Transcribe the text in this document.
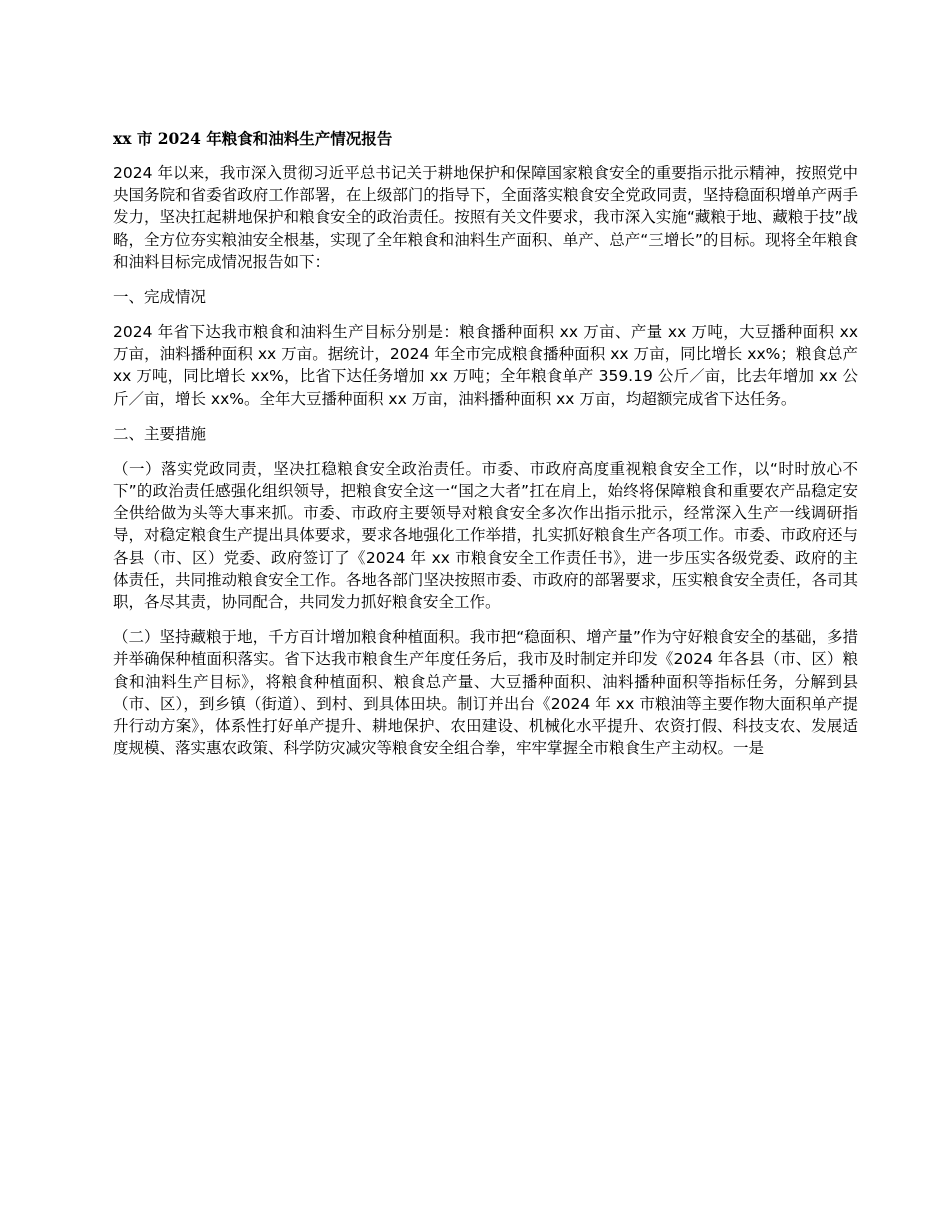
xx 市 2024 年粮食和油料生产情况报告

2024 年以来，我市深入贯彻习近平总书记关于耕地保护和保障国家粮食安全的重要指示批示精神，按照党中央国务院和省委省政府工作部署，在上级部门的指导下，全面落实粮食安全党政同责，坚持稳面积增单产两手发力，坚决扛起耕地保护和粮食安全的政治责任。按照有关文件要求，我市深入实施“藏粮于地、藏粮于技”战略，全方位夯实粮油安全根基，实现了全年粮食和油料生产面积、单产、总产“三增长”的目标。现将全年粮食和油料目标完成情况报告如下：

一、完成情况

2024 年省下达我市粮食和油料生产目标分别是：粮食播种面积 xx 万亩、产量 xx 万吨，大豆播种面积 xx 万亩，油料播种面积 xx 万亩。据统计，2024 年全市完成粮食播种面积 xx 万亩，同比增长 xx%；粮食总产 xx 万吨，同比增长 xx%，比省下达任务增加 xx 万吨；全年粮食单产 359.19 公斤／亩，比去年增加 xx 公斤／亩，增长 xx%。全年大豆播种面积 xx 万亩，油料播种面积 xx 万亩，均超额完成省下达任务。

二、主要措施

（一）落实党政同责，坚决扛稳粮食安全政治责任。市委、市政府高度重视粮食安全工作，以“时时放心不下”的政治责任感强化组织领导，把粮食安全这一“国之大者”扛在肩上，始终将保障粮食和重要农产品稳定安全供给做为头等大事来抓。市委、市政府主要领导对粮食安全多次作出指示批示，经常深入生产一线调研指导，对稳定粮食生产提出具体要求，要求各地强化工作举措，扎实抓好粮食生产各项工作。市委、市政府还与各县（市、区）党委、政府签订了《2024 年 xx 市粮食安全工作责任书》，进一步压实各级党委、政府的主体责任，共同推动粮食安全工作。各地各部门坚决按照市委、市政府的部署要求，压实粮食安全责任，各司其职，各尽其责，协同配合，共同发力抓好粮食安全工作。

（二）坚持藏粮于地，千方百计增加粮食种植面积。我市把“稳面积、增产量”作为守好粮食安全的基础，多措并举确保种植面积落实。省下达我市粮食生产年度任务后，我市及时制定并印发《2024 年各县（市、区）粮食和油料生产目标》，将粮食种植面积、粮食总产量、大豆播种面积、油料播种面积等指标任务，分解到县（市、区），到乡镇（街道）、到村、到具体田块。制订并出台《2024 年 xx 市粮油等主要作物大面积单产提升行动方案》，体系性打好单产提升、耕地保护、农田建设、机械化水平提升、农资打假、科技支农、发展适度规模、落实惠农政策、科学防灾减灾等粮食安全组合拳，牢牢掌握全市粮食生产主动权。一是
